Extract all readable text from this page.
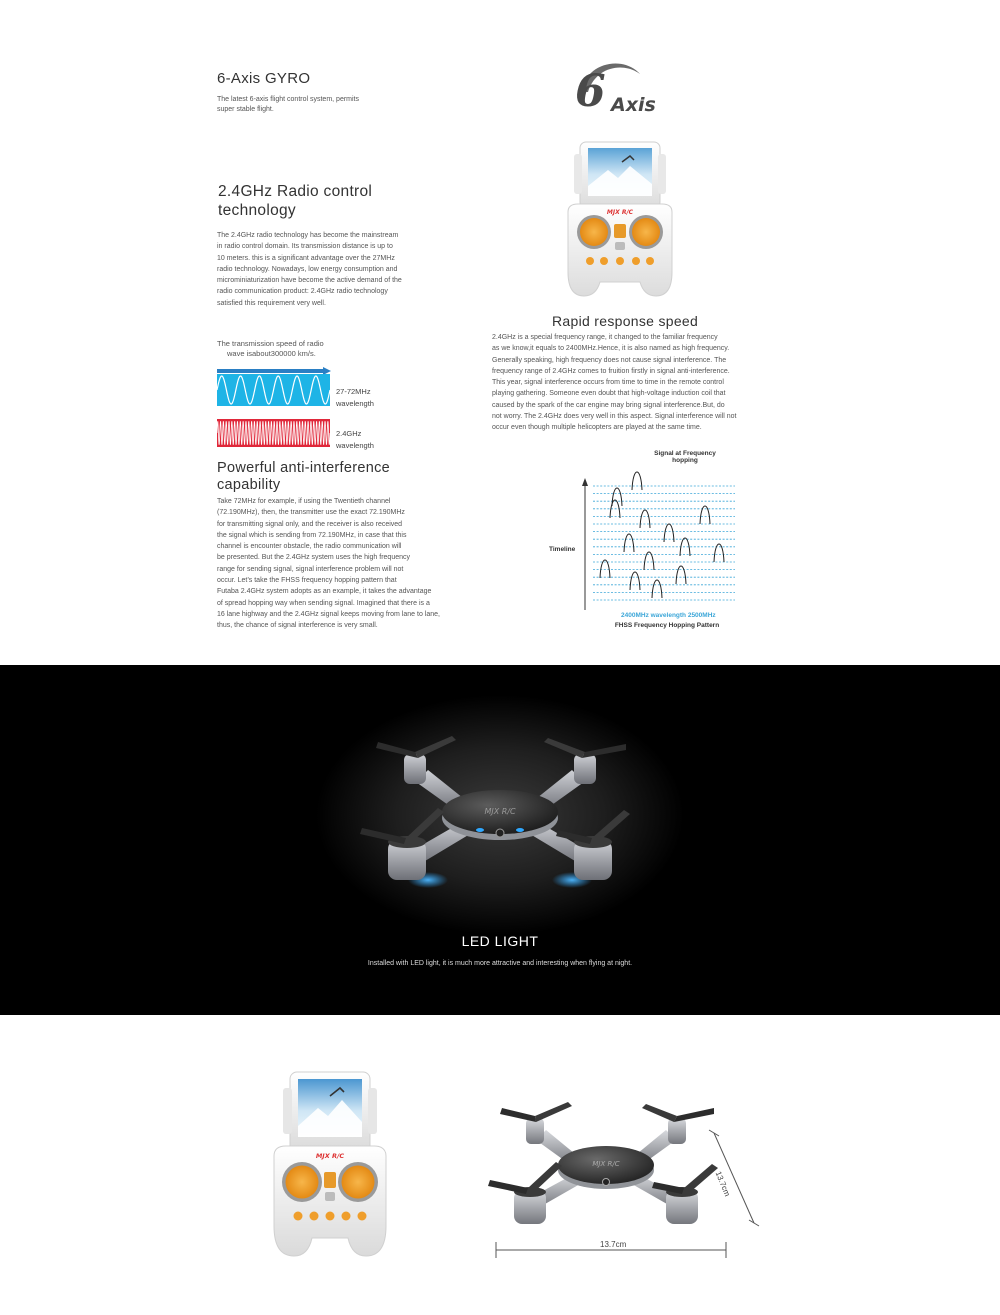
6-Axis GYRO
The latest 6-axis flight control system, permits
super stable flight.	6 Axis
MJX R/C
2.4GHz Radio control
technology
The 2.4GHz radio technology has become the mainstream
in radio control domain. Its transmission distance is up to
10 meters. this is a significant advantage over the 27MHz
radio technology. Nowadays, low energy consumption and
microminiaturization have become the active demand of the
radio communication product: 2.4GHz radio technology
satisfied this requirement very well.
The transmission speed of radio
wave isabout300000 km/s.
27-72MHz
wavelength
2.4GHz
wavelength
Rapid response speed
2.4GHz is a special frequency range, it changed to the familiar frequency
as we know,it equals to 2400MHz.Hence, it is also named as high frequency.
Generally speaking, high frequency does not cause signal interference. The
frequency range of 2.4GHz comes to fruition firstly in signal anti-interference.
This year, signal interference occurs from time to time in the remote control
playing gathering. Someone even doubt that high-voltage induction coil that
caused by the spark of the car engine may bring signal interference.But, do
not worry. The 2.4GHz does very well in this aspect. Signal interference will not
occur even though multiple helicopters are played at the same time.
Powerful anti-interference
capability
Take 72MHz for example, if using the Twentieth channel
(72.190MHz), then, the transmitter use the exact 72.190MHz
for transmitting signal only, and the receiver is also received
the signal which is sending from 72.190MHz, in case that this
channel is encounter obstacle, the radio communication will
be presented. But the 2.4GHz system uses the high frequency
range for sending signal, signal interference problem will not
occur. Let’s take the FHSS frequency hopping pattern that
Futaba 2.4GHz system adopts as an example, it takes the advantage
of spread hopping way when sending signal. Imagined that there is a
16 lane highway and the 2.4GHz signal keeps moving from lane to lane,
thus, the chance of signal interference is very small.
Signal at Frequency
hopping
Timeline
2400MHz wavelength 2500MHz
FHSS Frequency Hopping Pattern
MJX R/C
LED LIGHT
Installed with LED light, it is much more attractive and interesting when flying at night.
MJX R/C
MJX R/C
13.7cm
13.7cm
